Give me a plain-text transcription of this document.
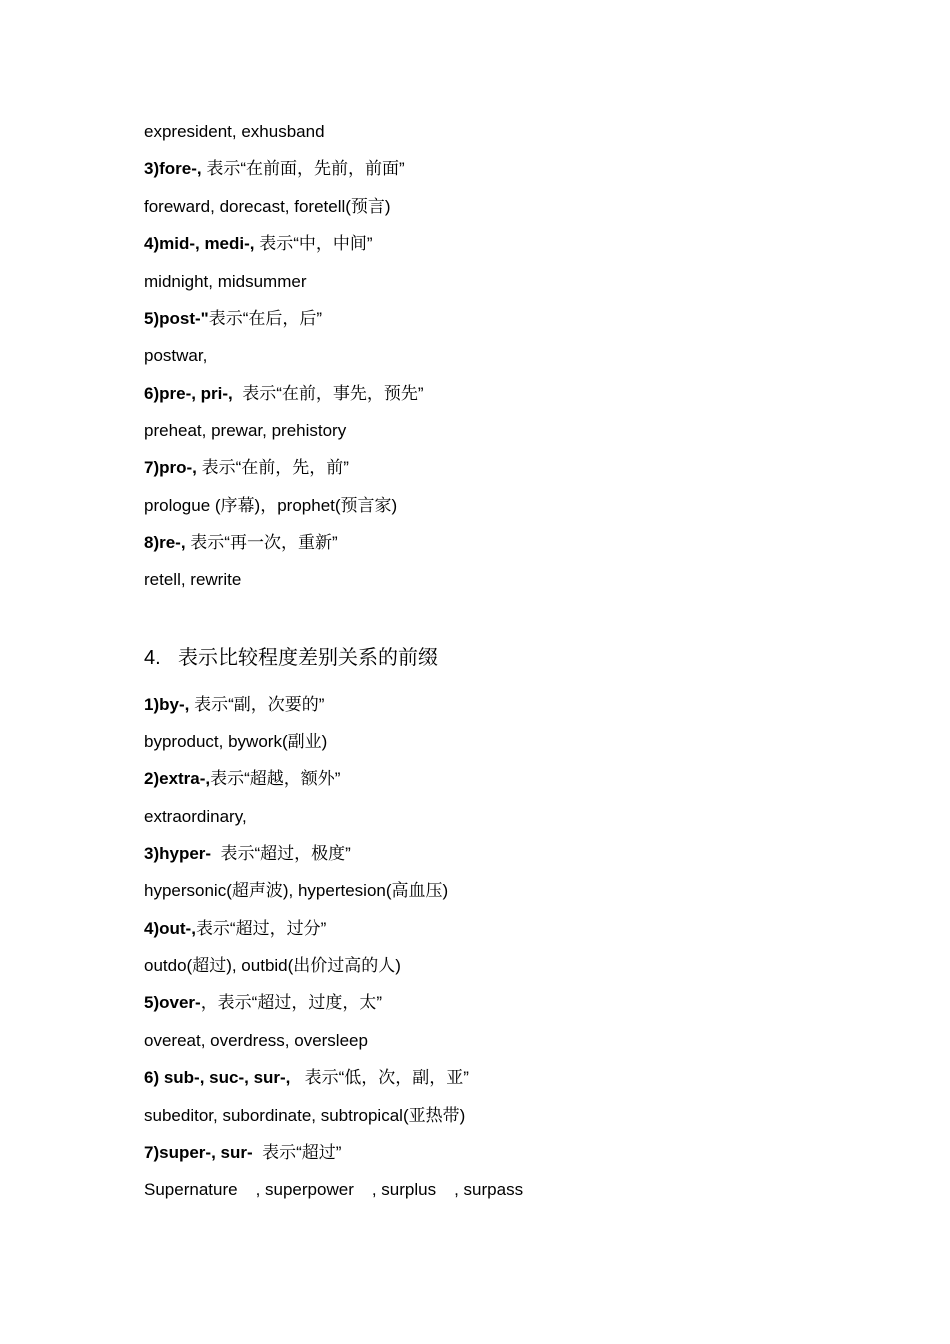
expresident, exhusband

3)fore-, 表示“在前面，先前，前面”

foreward, dorecast, foretell(预言)

4)mid-, medi-, 表示“中，中间”

midnight, midsummer

5)post-"表示“在后，后”

postwar,

6)pre-, pri-,  表示“在前，事先，预先”

preheat, prewar, prehistory

7)pro-, 表示“在前，先，前”

prologue (序幕)，prophet(预言家)

8)re-, 表示“再一次，重新”

retell, rewrite

4. 表示比较程度差别关系的前缀

1)by-, 表示“副，次要的”

byproduct, bywork(副业)

2)extra-,表示“超越，额外”

extraordinary,

3)hyper-  表示“超过，极度”

hypersonic(超声波), hypertesion(高血压)

4)out-,表示“超过，过分”

outdo(超过), outbid(出价过高的人)

5)over-，表示“超过，过度，太”

overeat, overdress, oversleep

6) sub-, suc-, sur-,   表示“低，次，副，亚”

subeditor, subordinate, subtropical(亚热带)

7)super-, sur-  表示“超过”

Supernature , superpower , surplus , surpass
